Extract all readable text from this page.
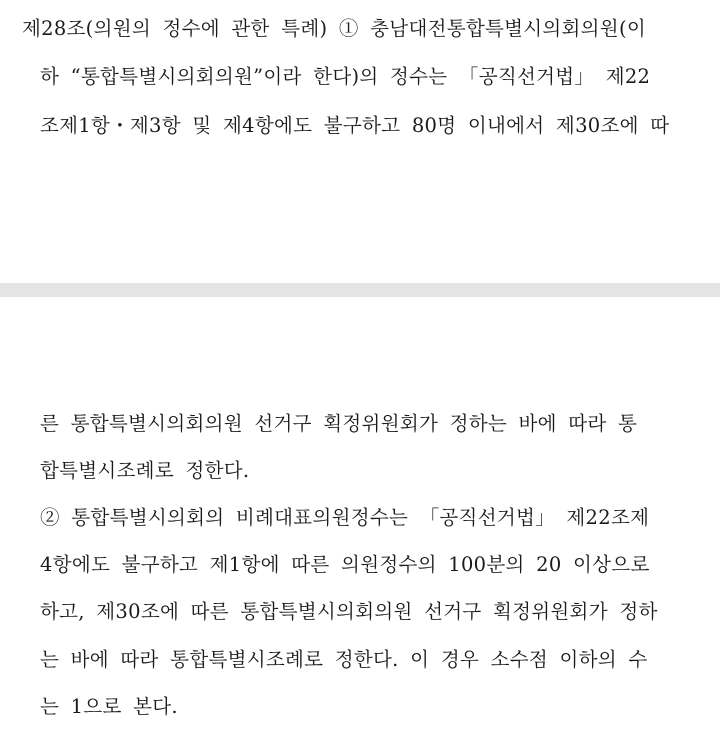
제28조(의원의 정수에 관한 특례) ① 충남대전통합특별시의회의원(이
하 “통합특별시의회의원”이라 한다)의 정수는 「공직선거법」 제22
조제1항・제3항 및 제4항에도 불구하고 80명 이내에서 제30조에 따
른 통합특별시의회의원 선거구 획정위원회가 정하는 바에 따라 통
합특별시조례로 정한다.
② 통합특별시의회의 비례대표의원정수는 「공직선거법」 제22조제
4항에도 불구하고 제1항에 따른 의원정수의 100분의 20 이상으로
하고, 제30조에 따른 통합특별시의회의원 선거구 획정위원회가 정하
는 바에 따라 통합특별시조례로 정한다. 이 경우 소수점 이하의 수
는 1으로 본다.
